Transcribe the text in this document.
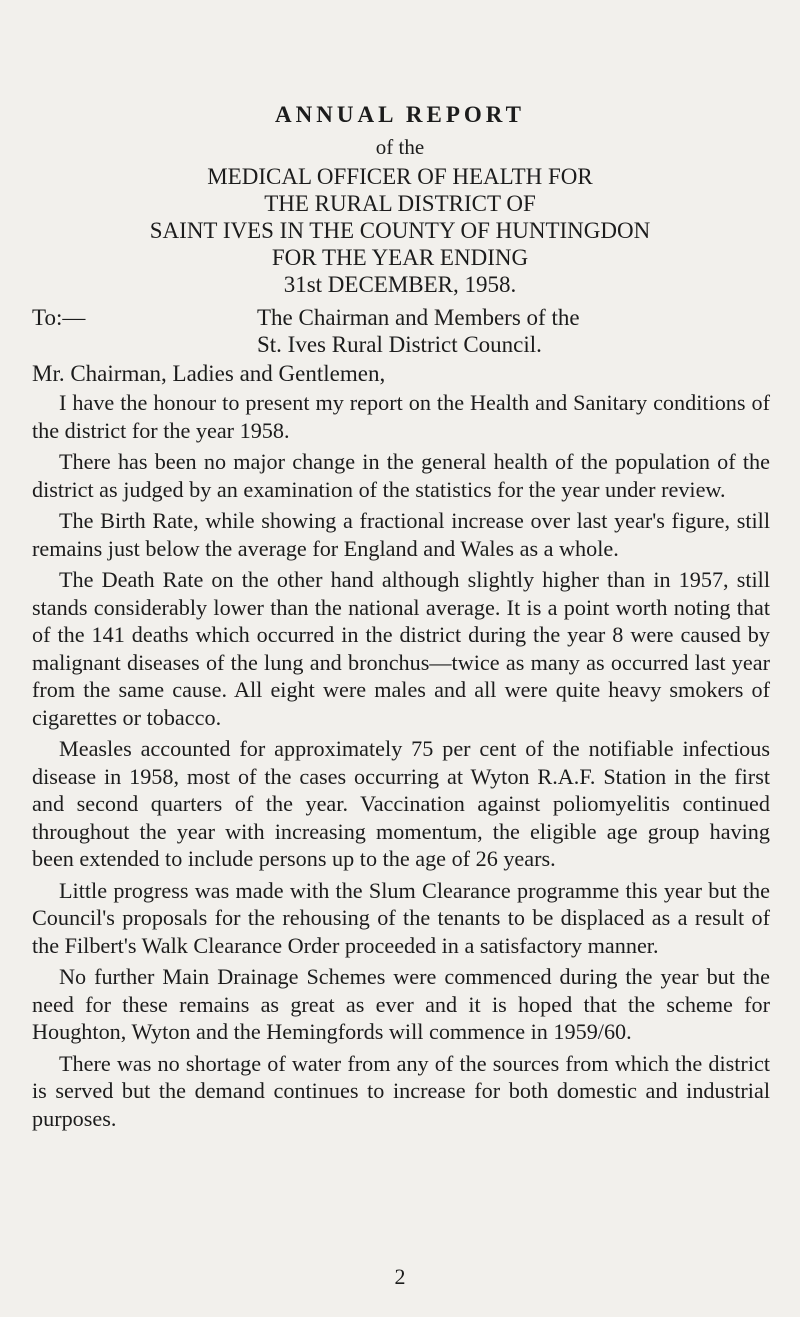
ANNUAL REPORT
of the
MEDICAL OFFICER OF HEALTH FOR
THE RURAL DISTRICT OF
SAINT IVES IN THE COUNTY OF HUNTINGDON
FOR THE YEAR ENDING
31st DECEMBER, 1958.
To:—	The Chairman and Members of the
St. Ives Rural District Council.
Mr. Chairman, Ladies and Gentlemen,

I have the honour to present my report on the Health and Sanitary conditions of the district for the year 1958.

There has been no major change in the general health of the population of the district as judged by an examination of the statistics for the year under review.

The Birth Rate, while showing a fractional increase over last year's figure, still remains just below the average for England and Wales as a whole.

The Death Rate on the other hand although slightly higher than in 1957, still stands considerably lower than the national average. It is a point worth noting that of the 141 deaths which occurred in the district during the year 8 were caused by malignant diseases of the lung and bronchus—twice as many as occurred last year from the same cause. All eight were males and all were quite heavy smokers of cigarettes or tobacco.

Measles accounted for approximately 75 per cent of the notifiable infectious disease in 1958, most of the cases occurring at Wyton R.A.F. Station in the first and second quarters of the year. Vaccination against poliomyelitis continued throughout the year with increasing momentum, the eligible age group having been extended to include persons up to the age of 26 years.

Little progress was made with the Slum Clearance programme this year but the Council's proposals for the rehousing of the tenants to be displaced as a result of the Filbert's Walk Clearance Order proceeded in a satisfactory manner.

No further Main Drainage Schemes were commenced during the year but the need for these remains as great as ever and it is hoped that the scheme for Houghton, Wyton and the Hemingfords will commence in 1959/60.

There was no shortage of water from any of the sources from which the district is served but the demand continues to increase for both domestic and industrial purposes.

2
